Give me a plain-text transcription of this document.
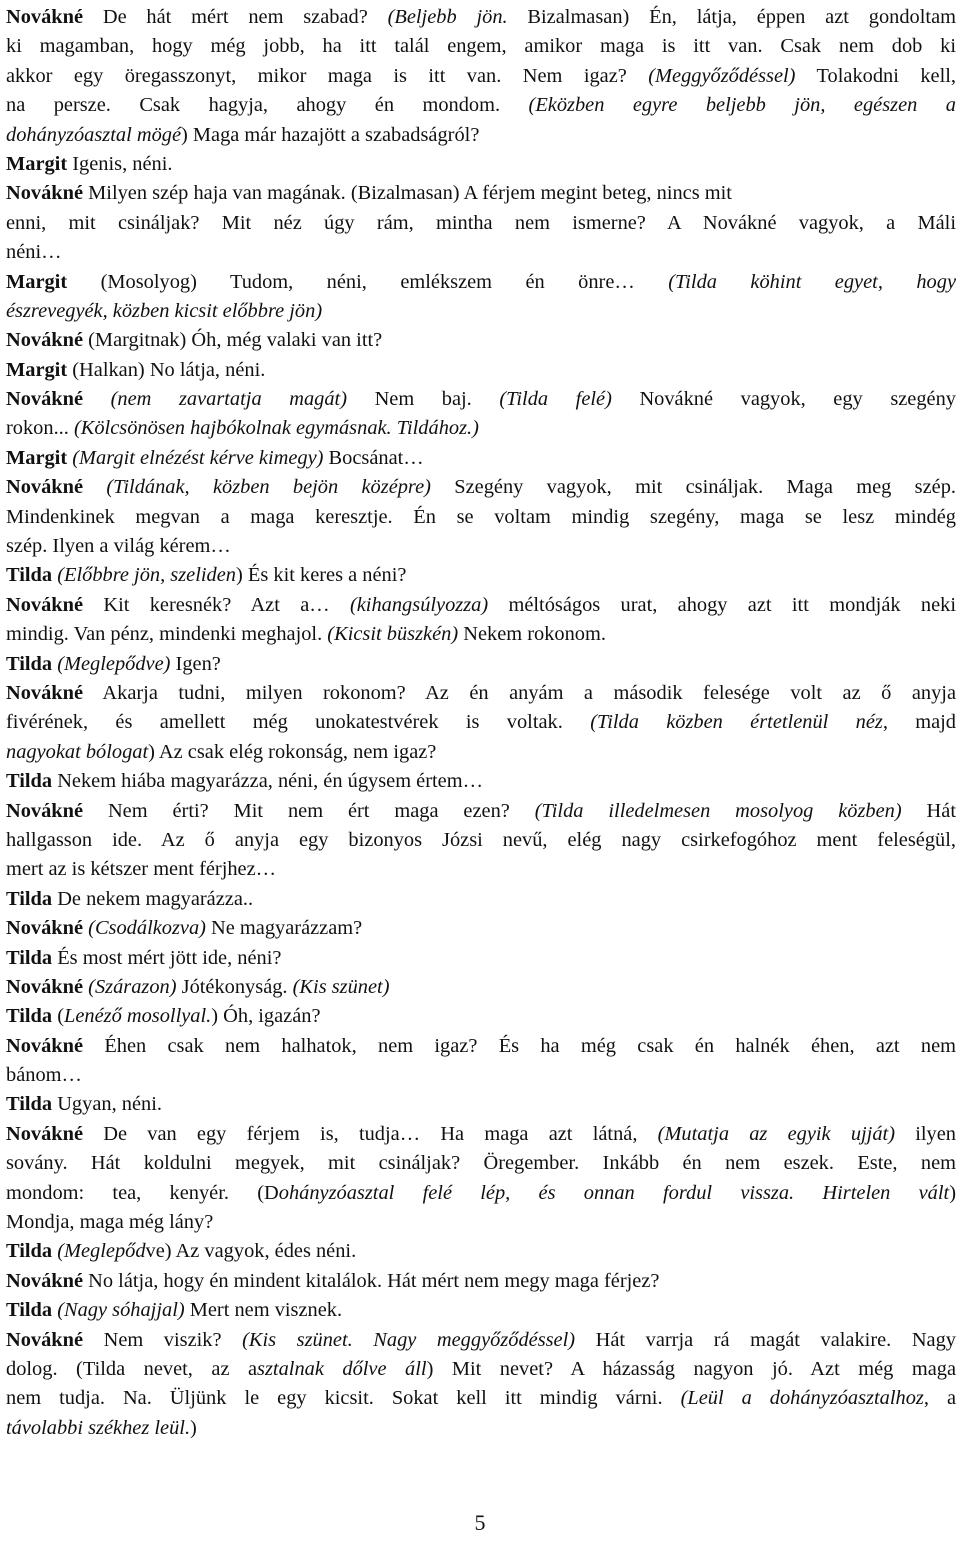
Novákné De hát mért nem szabad? (Beljebb jön. Bizalmasan) Én, látja, éppen azt gondoltam
ki magamban, hogy még jobb, ha itt talál engem, amikor maga is itt van. Csak nem dob ki
akkor egy öregasszonyt, mikor maga is itt van. Nem igaz? (Meggyőződéssel) Tolakodni kell,
na persze. Csak hagyja, ahogy én mondom. (Eközben egyre beljebb jön, egészen a
dohányzóasztal mögé) Maga már hazajött a szabadságról?
Margit Igenis, néni.
Novákné Milyen szép haja van magának. (Bizalmasan) A férjem megint beteg, nincs mit
enni, mit csináljak? Mit néz úgy rám, mintha nem ismerne? A Novákné vagyok, a Máli
néni…
Margit (Mosolyog) Tudom, néni, emlékszem én önre… (Tilda köhint egyet, hogy
észrevegyék, közben kicsit előbbre jön)
Novákné (Margitnak) Óh, még valaki van itt?
Margit (Halkan) No látja, néni.
Novákné (nem zavartatja magát) Nem baj. (Tilda felé) Novákné vagyok, egy szegény
rokon... (Kölcsönösen hajbókolnak egymásnak. Tildához.)
Margit (Margit elnézést kérve kimegy) Bocsánat…
Novákné (Tildának, közben bejön középre) Szegény vagyok, mit csináljak. Maga meg szép.
Mindenkinek megvan a maga keresztje. Én se voltam mindig szegény, maga se lesz mindég
szép. Ilyen a világ kérem…
Tilda (Előbbre jön, szeliden) És kit keres a néni?
Novákné Kit keresnék? Azt a… (kihangsúlyozza) méltóságos urat, ahogy azt itt mondják neki
mindig. Van pénz, mindenki meghajol. (Kicsit büszkén) Nekem rokonom.
Tilda (Meglepődve) Igen?
Novákné Akarja tudni, milyen rokonom? Az én anyám a második felesége volt az ő anyja
fivérének, és amellett még unokatestvérek is voltak. (Tilda közben értetlenül néz, majd
nagyokat bólogat) Az csak elég rokonság, nem igaz?
Tilda Nekem hiába magyarázza, néni, én úgysem értem…
Novákné Nem érti? Mit nem ért maga ezen? (Tilda illedelmesen mosolyog közben) Hát
hallgasson ide. Az ő anyja egy bizonyos Józsi nevű, elég nagy csirkefogóhoz ment feleségül,
mert az is kétszer ment férjhez…
Tilda De nekem magyarázza..
Novákné (Csodálkozva) Ne magyarázzam?
Tilda És most mért jött ide, néni?
Novákné (Szárazon) Jótékonyság. (Kis szünet)
Tilda (Lenéző mosollyal.) Óh, igazán?
Novákné Éhen csak nem halhatok, nem igaz? És ha még csak én halnék éhen, azt nem
bánom…
Tilda Ugyan, néni.
Novákné De van egy férjem is, tudja… Ha maga azt látná, (Mutatja az egyik ujját) ilyen
sovány. Hát koldulni megyek, mit csináljak? Öregember. Inkább én nem eszek. Este, nem
mondom: tea, kenyér. (Dohányzóasztal felé lép, és onnan fordul vissza. Hirtelen vált)
Mondja, maga még lány?
Tilda (Meglepődve) Az vagyok, édes néni.
Novákné No látja, hogy én mindent kitalálok. Hát mért nem megy maga férjez?
Tilda (Nagy sóhajjal) Mert nem visznek.
Novákné Nem viszik? (Kis szünet. Nagy meggyőződéssel) Hát varrja rá magát valakire. Nagy
dolog. (Tilda nevet, az asztalnak dőlve áll) Mit nevet? A házasság nagyon jó. Azt még maga
nem tudja. Na. Üljünk le egy kicsit. Sokat kell itt mindig várni. (Leül a dohányzóasztalhoz, a
távolabbi székhez leül.)
5
